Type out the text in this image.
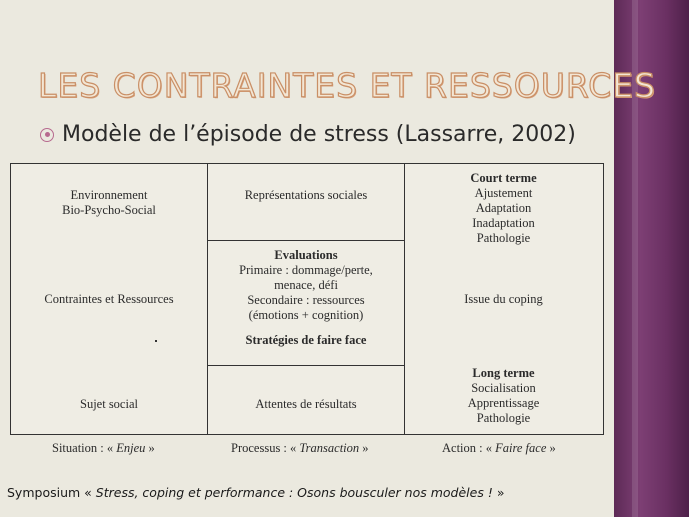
LES CONTRAINTES ET RESSOURCES
Modèle de l’épisode de stress (Lassarre, 2002)
Environnement
Bio-Psycho-Social
Contraintes et Ressources
Sujet social
Représentations sociales
Evaluations
Primaire : dommage/perte,
menace, défi
Secondaire : ressources
(émotions + cognition)
Stratégies de faire face
Attentes de résultats
Court terme
Ajustement
Adaptation
Inadaptation
Pathologie
Issue du coping
Long terme
Socialisation
Apprentissage
Pathologie
Situation : « Enjeu »	Processus : « Transaction »	Action : « Faire face »
Symposium « Stress, coping et performance : Osons bousculer nos modèles ! »
